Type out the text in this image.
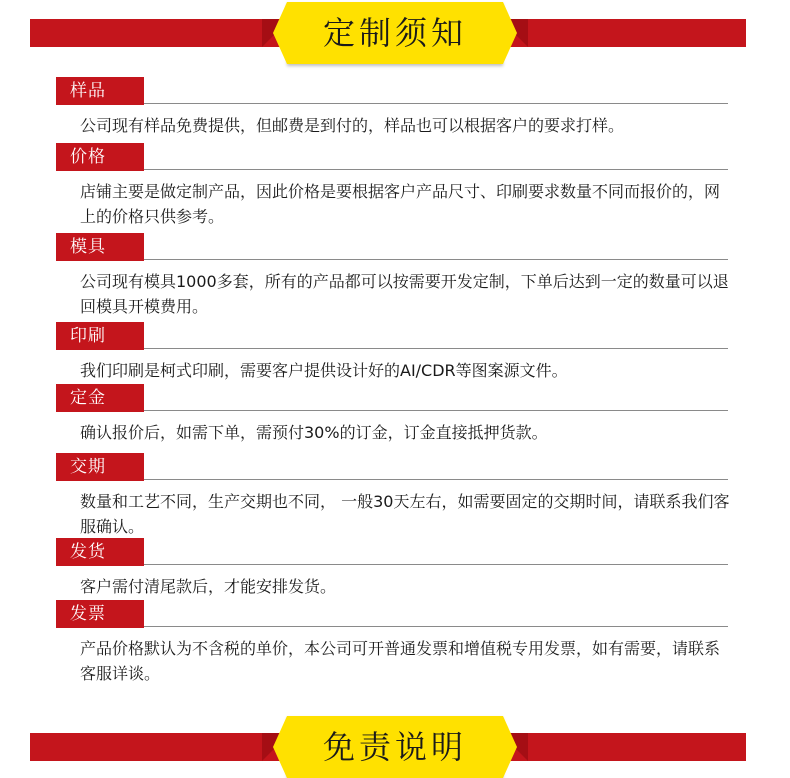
定制须知
样品
公司现有样品免费提供，但邮费是到付的，样品也可以根据客户的要求打样。
价格
店铺主要是做定制产品，因此价格是要根据客户产品尺寸、印刷要求数量不同而报价的，网上的价格只供参考。
模具
公司现有模具1000多套，所有的产品都可以按需要开发定制，下单后达到一定的数量可以退回模具开模费用。
印刷
我们印刷是柯式印刷，需要客户提供设计好的AI/CDR等图案源文件。
定金
确认报价后，如需下单，需预付30%的订金，订金直接抵押货款。
交期
数量和工艺不同，生产交期也不同， 一般30天左右，如需要固定的交期时间，请联系我们客服确认。
发货
客户需付清尾款后，才能安排发货。
发票
产品价格默认为不含税的单价，本公司可开普通发票和增值税专用发票，如有需要，请联系客服详谈。
免责说明
